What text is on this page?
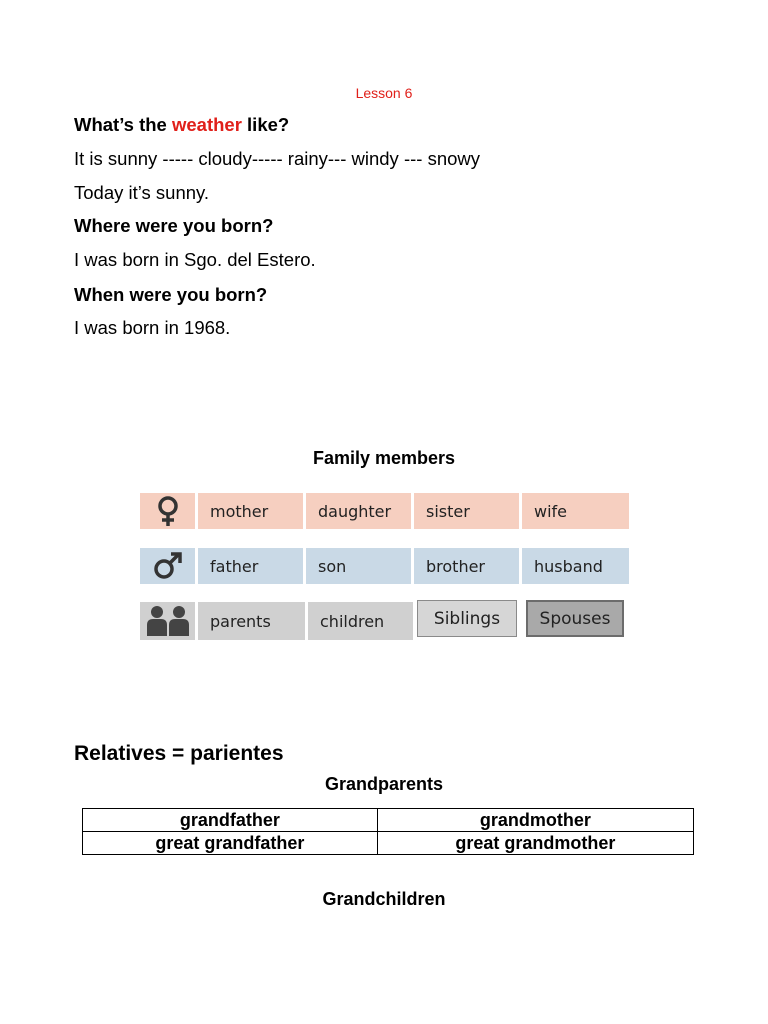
Lesson 6
What’s the weather like?
It is sunny ----- cloudy----- rainy--- windy --- snowy
Today it’s sunny.
Where were you born?
I was born in Sgo. del Estero.
When were you born?
I was born in 1968.
Family members
mother	daughter	sister	wife
father	son	brother	husband
parents	children	Siblings	Spouses
Relatives = parientes
Grandparents
grandfather	grandmother
great grandfather	great grandmother
Grandchildren
